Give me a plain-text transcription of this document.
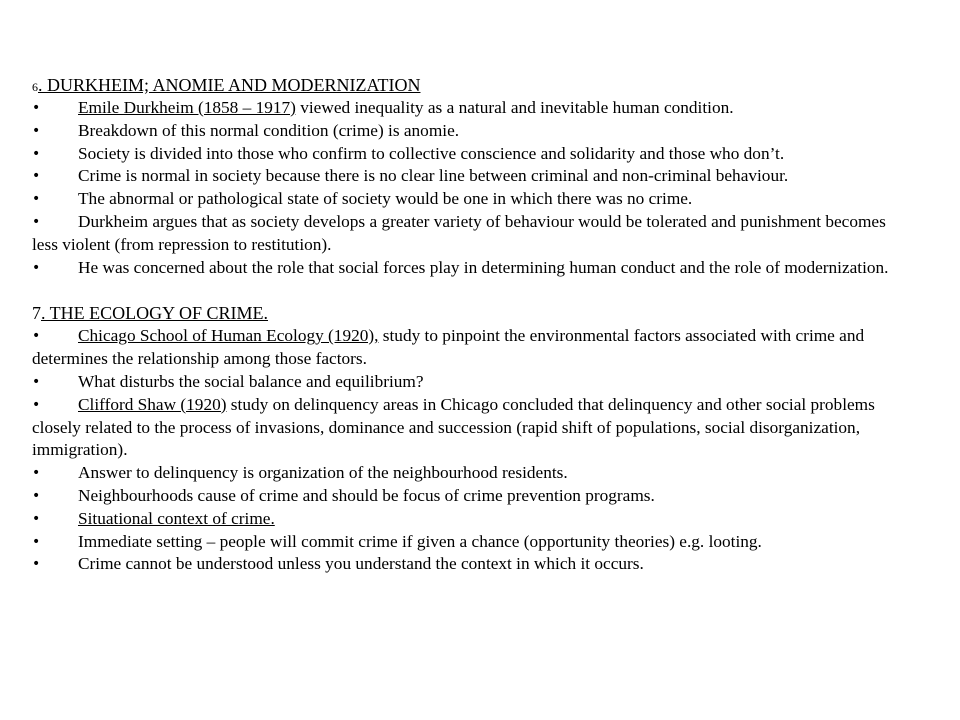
6. DURKHEIM; ANOMIE AND MODERNIZATION

• Emile Durkheim (1858 – 1917) viewed inequality as a natural and inevitable human condition.

• Breakdown of this normal condition (crime) is anomie.

• Society is divided into those who confirm to collective conscience and solidarity and those who don’t.

• Crime is normal in society because there is no clear line between criminal and non-criminal behaviour.

• The abnormal or pathological state of society would be one in which there was no crime.

• Durkheim argues that as society develops a greater variety of behaviour would be tolerated and punishment becomes less violent (from repression to restitution).

• He was concerned about the role that social forces play in determining human conduct and the role of modernization.

7. THE ECOLOGY OF CRIME.

• Chicago School of Human Ecology (1920), study to pinpoint the environmental factors associated with crime and determines the relationship among those factors.

• What disturbs the social balance and equilibrium?

• Clifford Shaw (1920) study on delinquency areas in Chicago concluded that delinquency and other social problems closely related to the process of invasions, dominance and succession (rapid shift of populations, social disorganization, immigration).

• Answer to delinquency is organization of the neighbourhood residents.

• Neighbourhoods cause of crime and should be focus of crime prevention programs.

• Situational context of crime.

• Immediate setting – people will commit crime if given a chance (opportunity theories) e.g. looting.

• Crime cannot be understood unless you understand the context in which it occurs.
